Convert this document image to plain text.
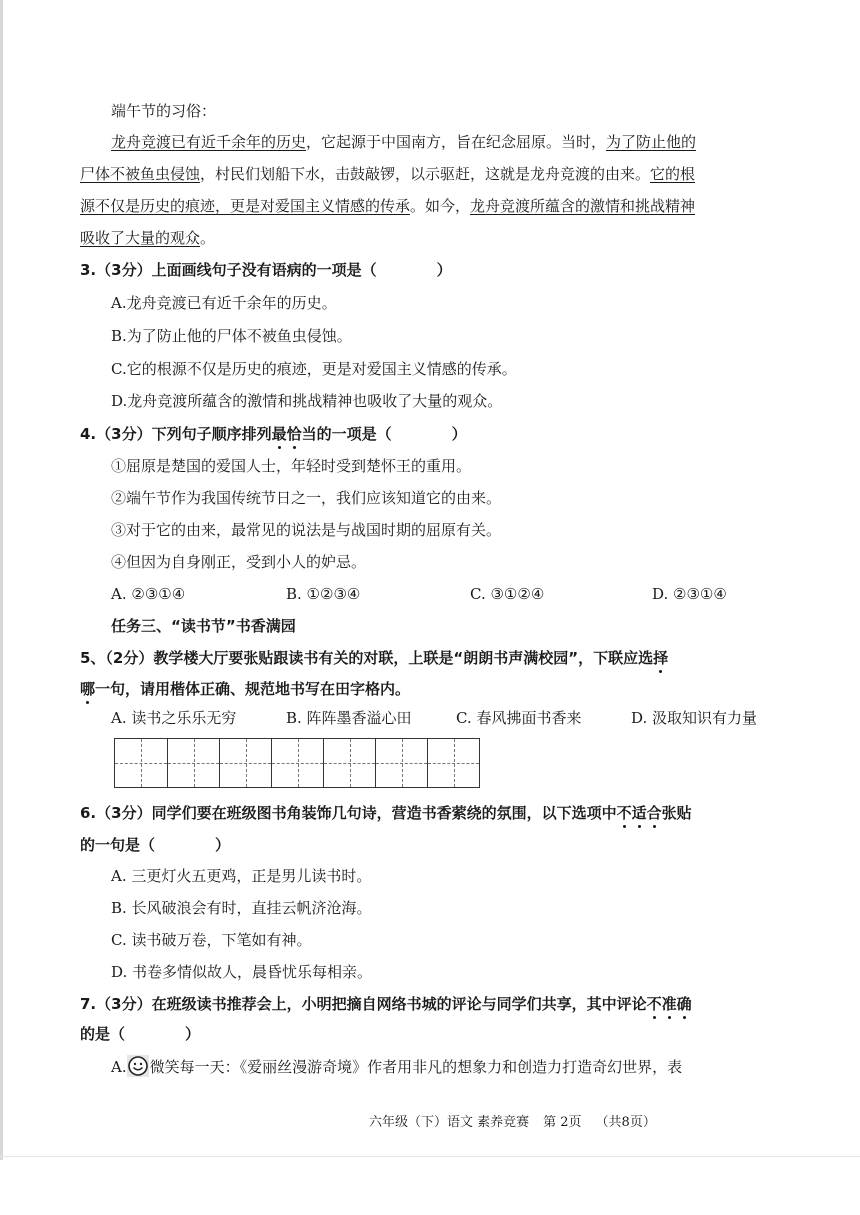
端午节的习俗：
龙舟竞渡已有近千余年的历史，它起源于中国南方，旨在纪念屈原。当时，为了防止他的
尸体不被鱼虫侵蚀，村民们划船下水，击鼓敲锣，以示驱赶，这就是龙舟竞渡的由来。它的根
源不仅是历史的痕迹，更是对爱国主义情感的传承。如今，龙舟竞渡所蕴含的激情和挑战精神
吸收了大量的观众。
3.（3分）上面画线句子没有语病的一项是（　　　　）
A.龙舟竞渡已有近千余年的历史。
B.为了防止他的尸体不被鱼虫侵蚀。
C.它的根源不仅是历史的痕迹，更是对爱国主义情感的传承。
D.龙舟竞渡所蕴含的激情和挑战精神也吸收了大量的观众。
4.（3分）下列句子顺序排列最恰当的一项是（　　　　）
①屈原是楚国的爱国人士，年轻时受到楚怀王的重用。
②端午节作为我国传统节日之一，我们应该知道它的由来。
③对于它的由来，最常见的说法是与战国时期的屈原有关。
④但因为自身刚正，受到小人的妒忌。
A. ②③①④	B. ①②③④	C. ③①②④	D. ②③①④
任务三、“读书节”书香满园
5、（2分）教学楼大厅要张贴跟读书有关的对联，上联是“朗朗书声满校园”，下联应选择
哪一句，请用楷体正确、规范地书写在田字格内。
A. 读书之乐乐无穷	B. 阵阵墨香溢心田	C. 春风拂面书香来	D. 汲取知识有力量
6.（3分）同学们要在班级图书角装饰几句诗，营造书香萦绕的氛围，以下选项中不适合张贴
的一句是（　　　　）
A. 三更灯火五更鸡，正是男儿读书时。
B. 长风破浪会有时，直挂云帆济沧海。
C. 读书破万卷，下笔如有神。
D. 书卷多情似故人，晨昏忧乐每相亲。
7.（3分）在班级读书推荐会上，小明把摘自网络书城的评论与同学们共享，其中评论不准确
的是（　　　　）
A. 微笑每一天：《爱丽丝漫游奇境》作者用非凡的想象力和创造力打造奇幻世界，表
六年级（下）语文 素养竞赛 第 2页 （共8页）
